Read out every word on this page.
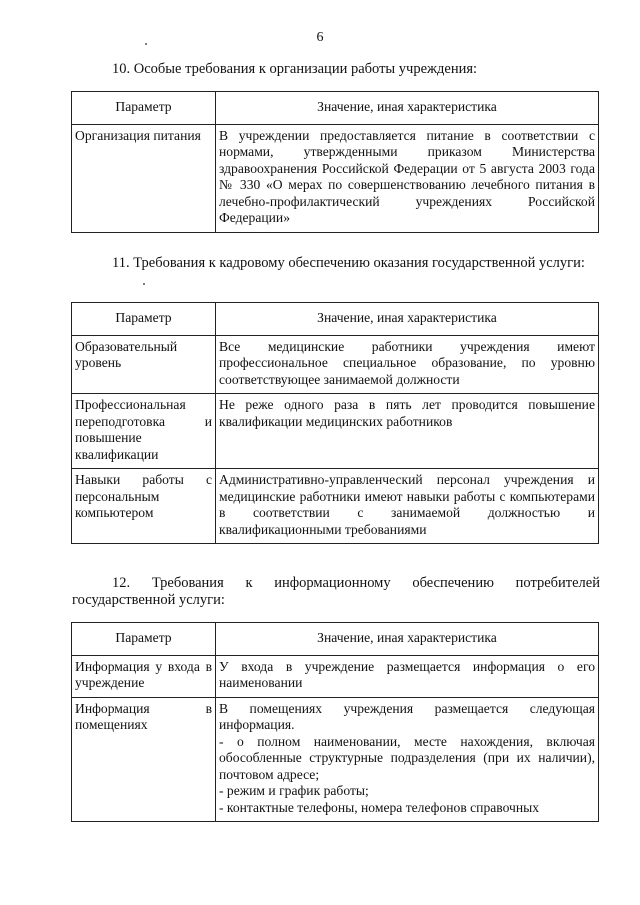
6
10. Особые требования к организации работы учреждения:
Параметр	Значение, иная характеристика
Организация питания	В учреждении предоставляется питание в соответствии с нормами, утвержденными приказом Министерства здравоохранения Российской Федерации от 5 августа 2003 года № 330 «О мерах по совершенствованию лечебного питания в лечебно-профилактический учреждениях Российской Федерации»
11. Требования к кадровому обеспечению оказания государственной услуги:
Параметр	Значение, иная характеристика
Образовательный уровень	Все медицинские работники учреждения имеют профессиональное специальное образование, по уровню соответствующее занимаемой должности
Профессиональная переподготовка и повышение квалификации	Не реже одного раза в пять лет проводится повышение квалификации медицинских работников
Навыки работы с персональным компьютером	Административно-управленческий персонал учреждения и медицинские работники имеют навыки работы с компьютерами в соответствии с занимаемой должностью и квалификационными требованиями
12. Требования к информационному обеспечению потребителей государственной услуги:
Параметр	Значение, иная характеристика
Информация у входа в учреждение	У входа в учреждение размещается информация о его наименовании
Информация в помещениях	В помещениях учреждения размещается следующая информация.
- о полном наименовании, месте нахождения, включая обособленные структурные подразделения (при их наличии), почтовом адресе;
- режим и график работы;
- контактные телефоны, номера телефонов справочных
